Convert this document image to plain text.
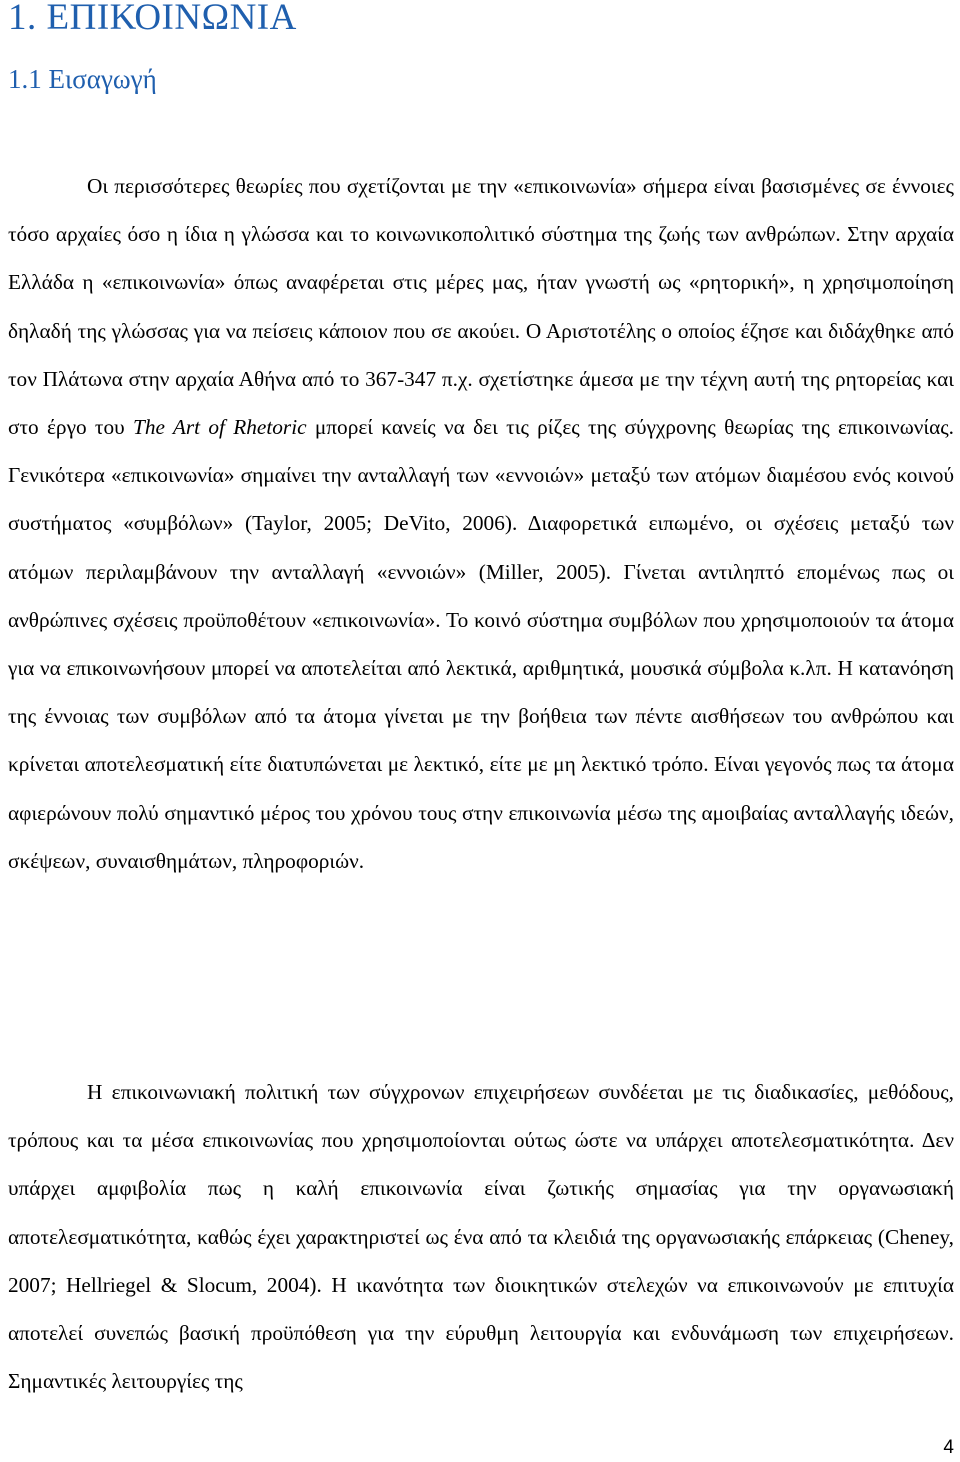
1. ΕΠΙΚΟΙΝΩΝΙΑ
1.1 Εισαγωγή

Οι περισσότερες θεωρίες που σχετίζονται με την «επικοινωνία» σήμερα είναι βασισμένες σε έννοιες τόσο αρχαίες όσο η ίδια η γλώσσα και το κοινωνικοπολιτικό σύστημα της ζωής των ανθρώπων. Στην αρχαία Ελλάδα η «επικοινωνία» όπως αναφέρεται στις μέρες μας, ήταν γνωστή ως «ρητορική», η χρησιμοποίηση δηλαδή της γλώσσας για να πείσεις κάποιον που σε ακούει. Ο Αριστοτέλης ο οποίος έζησε και διδάχθηκε από τον Πλάτωνα στην αρχαία Αθήνα από το 367-347 π.χ. σχετίστηκε άμεσα με την τέχνη αυτή της ρητορείας και στο έργο του The Art of Rhetoric μπορεί κανείς να δει τις ρίζες της σύγχρονης θεωρίας της επικοινωνίας. Γενικότερα «επικοινωνία» σημαίνει την ανταλλαγή των «εννοιών» μεταξύ των ατόμων διαμέσου ενός κοινού συστήματος «συμβόλων» (Taylor, 2005; DeVito, 2006). Διαφορετικά ειπωμένο, οι σχέσεις μεταξύ των ατόμων περιλαμβάνουν την ανταλλαγή «εννοιών» (Miller, 2005). Γίνεται αντιληπτό επομένως πως οι ανθρώπινες σχέσεις προϋποθέτουν «επικοινωνία». Το κοινό σύστημα συμβόλων που χρησιμοποιούν τα άτομα για να επικοινωνήσουν μπορεί να αποτελείται από λεκτικά, αριθμητικά, μουσικά σύμβολα κ.λπ. Η κατανόηση της έννοιας των συμβόλων από τα άτομα γίνεται με την βοήθεια των πέντε αισθήσεων του ανθρώπου και κρίνεται αποτελεσματική είτε διατυπώνεται με λεκτικό, είτε με μη λεκτικό τρόπο. Είναι γεγονός πως τα άτομα αφιερώνουν πολύ σημαντικό μέρος του χρόνου τους στην επικοινωνία μέσω της αμοιβαίας ανταλλαγής ιδεών, σκέψεων, συναισθημάτων, πληροφοριών.

Η επικοινωνιακή πολιτική των σύγχρονων επιχειρήσεων συνδέεται με τις διαδικασίες, μεθόδους, τρόπους και τα μέσα επικοινωνίας που χρησιμοποίονται ούτως ώστε να υπάρχει αποτελεσματικότητα. Δεν υπάρχει αμφιβολία πως η καλή επικοινωνία είναι ζωτικής σημασίας για την οργανωσιακή αποτελεσματικότητα, καθώς έχει χαρακτηριστεί ως ένα από τα κλειδιά της οργανωσιακής επάρκειας (Cheney, 2007; Hellriegel & Slocum, 2004). Η ικανότητα των διοικητικών στελεχών να επικοινωνούν με επιτυχία αποτελεί συνεπώς βασική προϋπόθεση για την εύρυθμη λειτουργία και ενδυνάμωση των επιχειρήσεων. Σημαντικές λειτουργίες της

4
